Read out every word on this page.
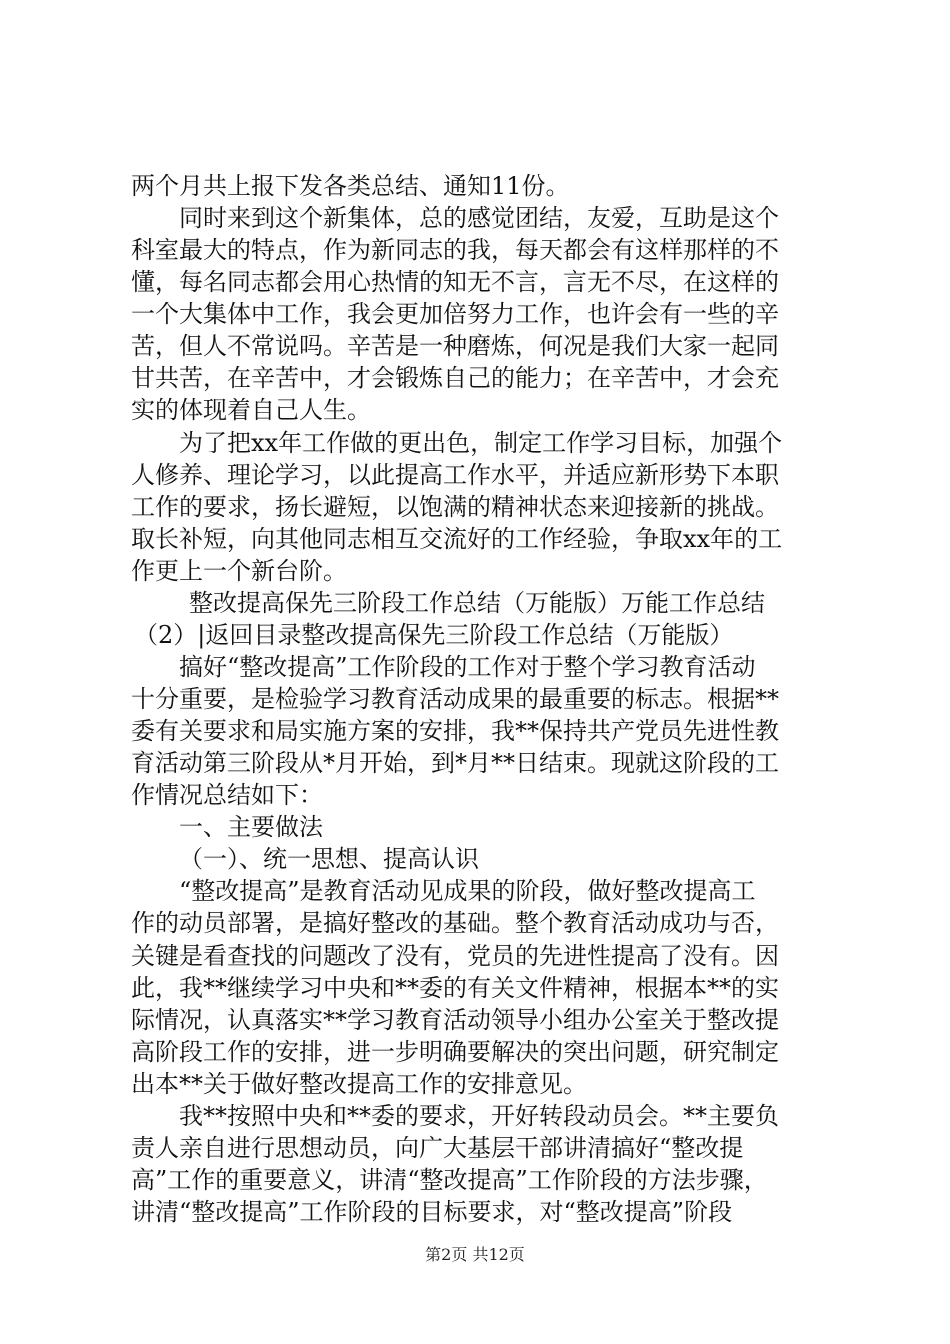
两个月共上报下发各类总结、通知11份。
同时来到这个新集体，总的感觉团结，友爱，互助是这个
科室最大的特点，作为新同志的我，每天都会有这样那样的不
懂，每名同志都会用心热情的知无不言，言无不尽，在这样的
一个大集体中工作，我会更加倍努力工作，也许会有一些的辛
苦，但人不常说吗。辛苦是一种磨炼，何况是我们大家一起同
甘共苦，在辛苦中，才会锻炼自己的能力；在辛苦中，才会充
实的体现着自己人生。
为了把xx年工作做的更出色，制定工作学习目标，加强个
人修养、理论学习，以此提高工作水平，并适应新形势下本职
工作的要求，扬长避短，以饱满的精神状态来迎接新的挑战。
取长补短，向其他同志相互交流好的工作经验，争取xx年的工
作更上一个新台阶。
整改提高保先三阶段工作总结（万能版）万能工作总结
（2）|返回目录整改提高保先三阶段工作总结（万能版）
搞好“整改提高”工作阶段的工作对于整个学习教育活动
十分重要，是检验学习教育活动成果的最重要的标志。根据**
委有关要求和局实施方案的安排，我**保持共产党员先进性教
育活动第三阶段从*月开始，到*月**日结束。现就这阶段的工
作情况总结如下：
一、主要做法
（一）、统一思想、提高认识
“整改提高”是教育活动见成果的阶段，做好整改提高工
作的动员部署，是搞好整改的基础。整个教育活动成功与否，
关键是看查找的问题改了没有，党员的先进性提高了没有。因
此，我**继续学习中央和**委的有关文件精神，根据本**的实
际情况，认真落实**学习教育活动领导小组办公室关于整改提
高阶段工作的安排，进一步明确要解决的突出问题，研究制定
出本**关于做好整改提高工作的安排意见。
我**按照中央和**委的要求，开好转段动员会。**主要负
责人亲自进行思想动员，向广大基层干部讲清搞好“整改提
高”工作的重要意义，讲清“整改提高”工作阶段的方法步骤，
讲清“整改提高”工作阶段的目标要求，对“整改提高”阶段
第2页 共12页
